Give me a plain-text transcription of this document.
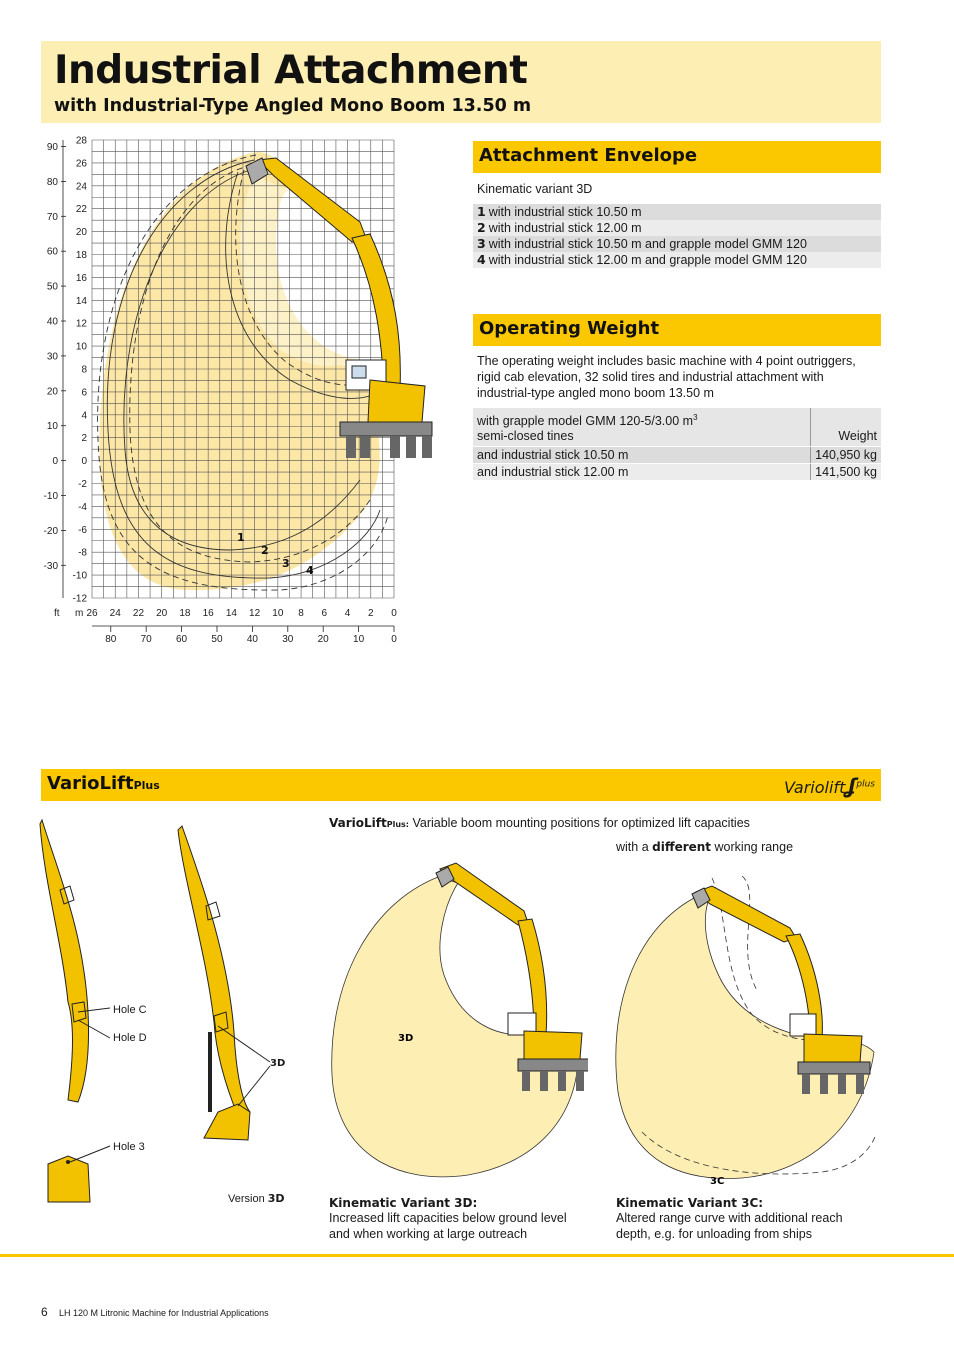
Industrial Attachment
with Industrial-Type Angled Mono Boom 13.50 m
1
2
3
4
28
26
24
22
20
18
16
14
12
10
8
6
4
2
0
-2
-4
-6
-8
-10
-12
90
80
70
60
50
40
30
20
10
0
-10
-20
-30
26 24 22 20 18 16 14 12 10 8 6 4 2 0
80 70 60 50 40 30 20 10	0
ft m
Attachment Envelope
Kinematic variant 3D
1 with industrial stick 10.50 m
2 with industrial stick 12.00 m
3 with industrial stick 10.50 m and grapple model GMM 120
4 with industrial stick 12.00 m and grapple model GMM 120
Operating Weight
The operating weight includes basic machine with 4 point outriggers, rigid cab elevation, 32 solid tires and industrial attachment with industrial-type angled mono boom 13.50 m
with grapple model GMM 120-5/3.00 $m^3$
semi-closed tines	Weight
and industrial stick 10.50 m	140,950 kg
and industrial stick 12.00 m	141,500 kg
VarioLiftPlus	Varioliftʆ$^{plus}$
VarioLiftPlus: Variable boom mounting positions for optimized lift capacities
with a different working range
Hole C
Hole D
Hole 3
3D
Version 3D
3D
3C
Kinematic Variant 3D:
Increased lift capacities below ground level and when working at large outreach
Kinematic Variant 3C:
Altered range curve with additional reach depth, e.g. for unloading from ships
6 LH 120 M Litronic Machine for Industrial Applications
